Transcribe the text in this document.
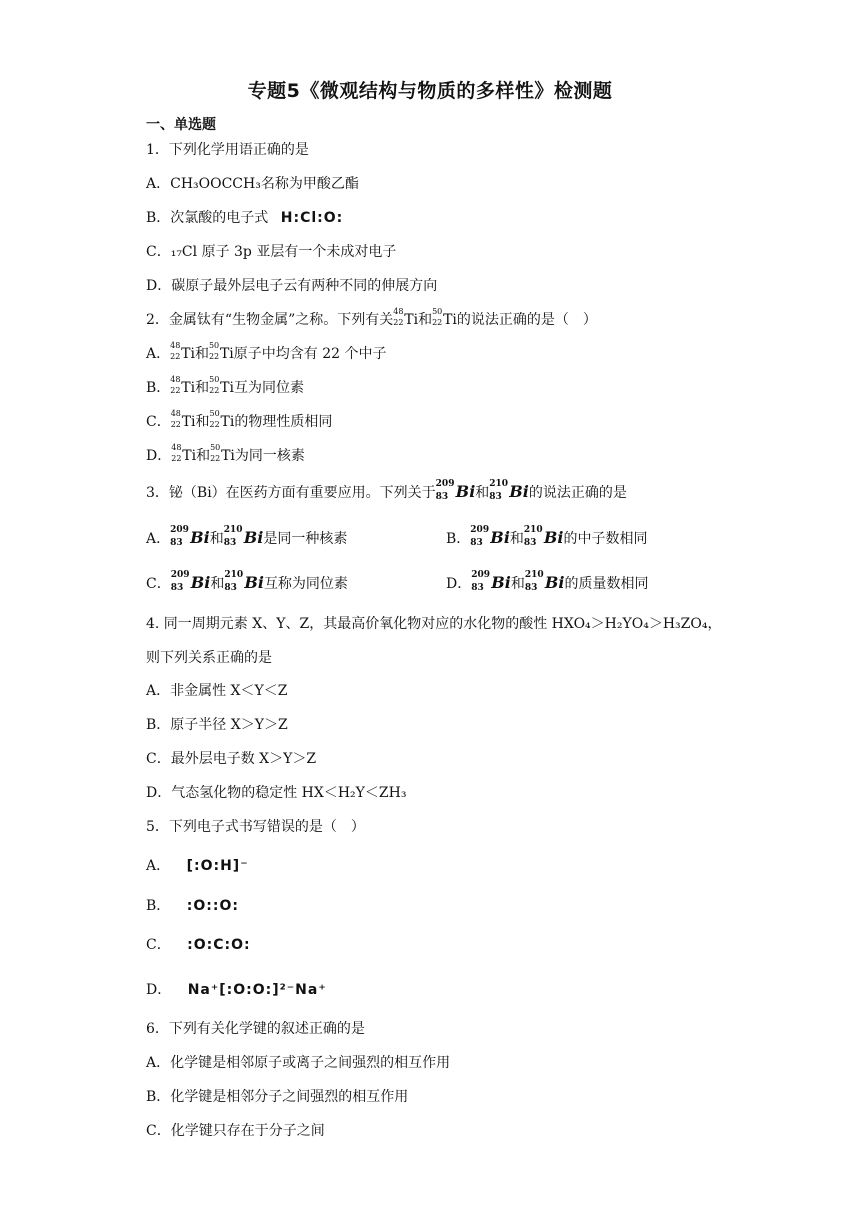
专题5《微观结构与物质的多样性》检测题
一、单选题
1．下列化学用语正确的是
A．CH₃OOCCH₃名称为甲酸乙酯
B．次氯酸的电子式 H:Cl:O:
C．₁₇Cl 原子 3p 亚层有一个未成对电子
D．碳原子最外层电子云有两种不同的伸展方向
2．金属钛有“生物金属”之称。下列有关
48
22 Ti和
50
22 Ti的说法正确的是（　）
A．
48
22 Ti和
50
22 Ti原子中均含有 22 个中子
B．
48
22 Ti和
50
22 Ti互为同位素
C．
48
22 Ti和
50
22 Ti的物理性质相同
D．
48
22 Ti和
50
22 Ti为同一核素
3．铋（Bi）在医药方面有重要应用。下列关于
209
83 Bi和
210
83 Bi的说法正确的是
A．
209
83 Bi和
210
83 Bi是同一种核素	B．
209
83 Bi和
210
83 Bi的中子数相同
C．
209
83 Bi和
210
83 Bi互称为同位素	D．
209
83 Bi和
210
83 Bi的质量数相同
4. 同一周期元素 X、Y、Z，其最高价氧化物对应的水化物的酸性 HXO₄＞H₂YO₄＞H₃ZO₄，
则下列关系正确的是
A．非金属性 X＜Y＜Z
B．原子半径 X＞Y＞Z
C．最外层电子数 X＞Y＞Z
D．气态氢化物的稳定性 HX＜H₂Y＜ZH₃
5．下列电子式书写错误的是（　）
A． [:O:H]⁻
B． :O::O:
C． :O:C:O:
D． Na⁺[:O:O:]²⁻Na⁺
6．下列有关化学键的叙述正确的是
A．化学键是相邻原子或离子之间强烈的相互作用
B．化学键是相邻分子之间强烈的相互作用
C．化学键只存在于分子之间
